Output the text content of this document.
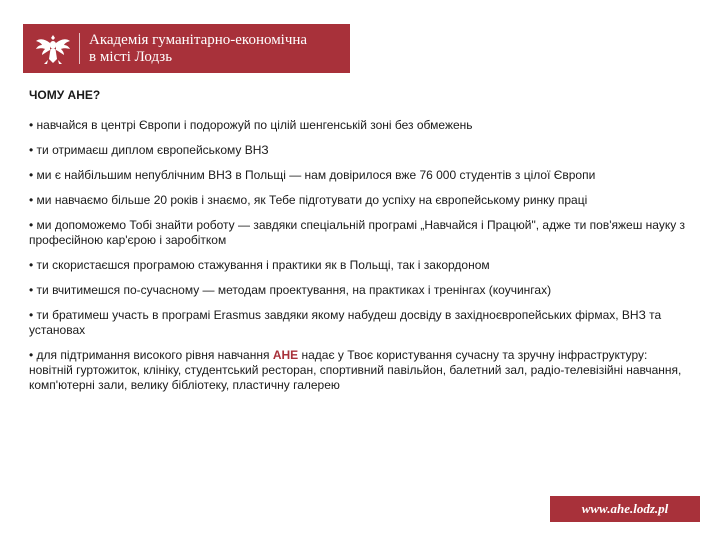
Академія гуманітарно-економічна
в місті Лодзь
ЧОМУ AHE?
• навчайся в центрі Європи і подорожуй по цілій шенгенській зоні без обмежень
• ти отримаєш диплом європейському ВНЗ
• ми є найбільшим непублічним ВНЗ в Польщі — нам довірилося вже 76 000 студентів з цілої Європи
• ми навчаємо більше 20 років і знаємо, як Тебе підготувати до успіху на європейському ринку праці
• ми допоможемо Тобі знайти роботу — завдяки спеціальній програмі „Навчайся і Працюй", адже ти пов'яжеш науку з професійною кар'єрою і заробітком
• ти скористаєшся програмою стажування і практики як в Польщі, так і закордоном
• ти вчитимешся по-сучасному — методам проектування, на практиках і тренінгах (коучингах)
• ти братимеш участь в програмі Erasmus завдяки якому набудеш досвіду в західноєвропейських фірмах, ВНЗ та установах
• для підтримання високого рівня навчання AHE надає у Твоє користування сучасну та зручну інфраструктуру: новітній гуртожиток, клініку, студентський ресторан, спортивний павільйон, балетний зал, радіо-телевізійні навчання, комп'ютерні зали, велику бібліотеку, пластичну галерею
www.ahe.lodz.pl
